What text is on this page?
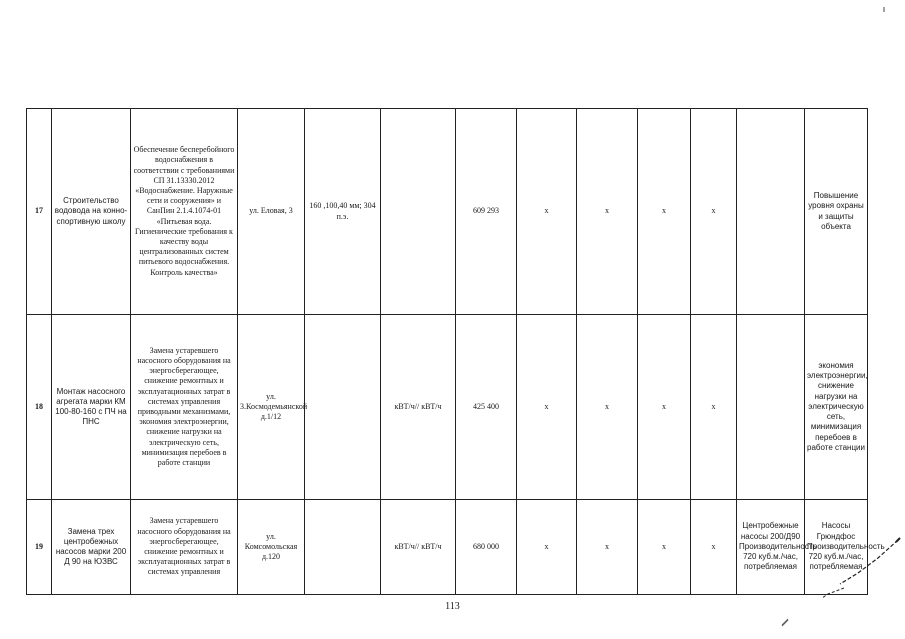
17	Строительство водовода на конно-спортивную школу	Обеспечение бесперебойного водоснабжения в соответствии с требованиями СП 31.13330.2012 «Водоснабжение. Наружные сети и сооружения» и СанПин 2.1.4.1074-01 «Питьевая вода. Гигиенические требования к качеству воды централизованных систем питьевого водоснабжения. Контроль качества»	ул. Еловая, 3	160 ,100,40 мм; 304 п.э.		609 293	х	х	х	х		Повышение уровня охраны и защиты объекта
18	Монтаж насосного агрегата марки КМ 100-80-160 с ПЧ на ПНС	Замена устаревшего насосного оборудования на энергосберегающее, снижение ремонтных и эксплуатационных затрат в системах управления приводными механизмами, экономия электроэнергии, снижение нагрузки на электрическую сеть, минимизация перебоев в работе станции	ул. 3.Космодемьянской д.1/12		кВТ/ч// кВТ/ч	425 400	х	х	х	х		экономия электроэнергии, снижение нагрузки на электрическую сеть, минимизация перебоев в работе станции
19	Замена трех центробежных насосов марки 200 Д 90 на ЮЗВС	Замена устаревшего насосного оборудования на энергосберегающее, снижение ремонтных и эксплуатационных затрат в системах управления	ул. Комсомольская д.120		кВТ/ч// кВТ/ч	680 000	х	х	х	х	Центробежные насосы 200/Д90 Производительность 720 куб.м./час, потребляемая	Насосы Грюндфос Производительность 720 куб.м./час, потребляемая
113
